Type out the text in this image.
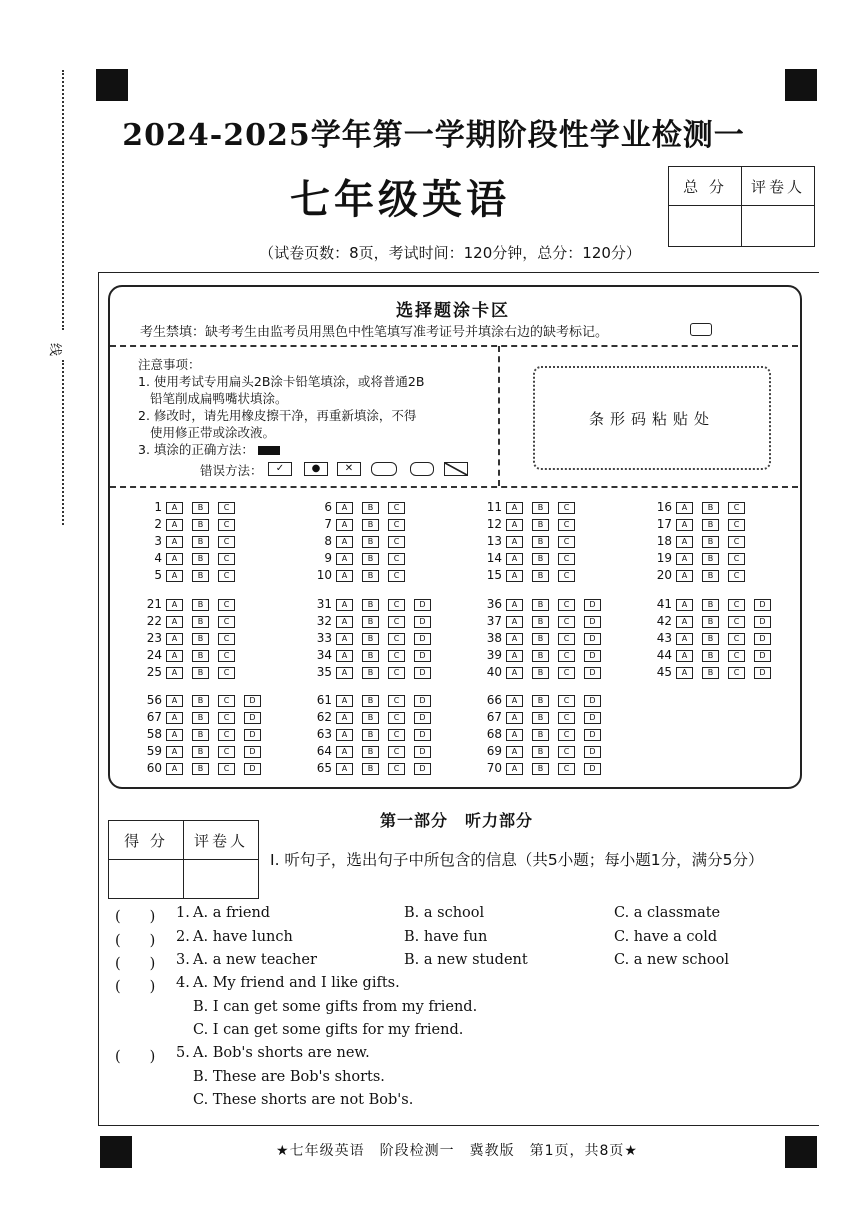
线
2024-2025学年第一学期阶段性学业检测一
七年级英语
（试卷页数：8页，考试时间：120分钟，总分：120分）
总 分	评卷人

选择题涂卡区
考生禁填：缺考考生由监考员用黑色中性笔填写准考证号并填涂右边的缺考标记。
注意事项：
1. 使用考试专用扁头2B涂卡铅笔填涂，或将普通2B
铅笔削成扁鸭嘴状填涂。
2. 修改时，请先用橡皮擦干净，再重新填涂，不得
使用修正带或涂改液。
3. 填涂的正确方法：
错误方法：	✓	●	✕
条形码粘贴处
1 A	B	C
2 A	B	C
3 A	B	C
4 A	B	C
5 A	B	C
6 A	B	C
7 A	B	C
8 A	B	C
9 A	B	C
10 A	B	C
11 A	B	C
12 A	B	C
13 A	B	C
14 A	B	C
15 A	B	C
16 A	B	C
17 A	B	C
18 A	B	C
19 A	B	C
20 A	B	C
21 A	B	C
22 A	B	C
23 A	B	C
24 A	B	C
25 A	B	C
31 A	B	C	D
32 A	B	C	D
33 A	B	C	D
34 A	B	C	D
35 A	B	C	D
36 A	B	C	D
37 A	B	C	D
38 A	B	C	D
39 A	B	C	D
40 A	B	C	D
41 A	B	C	D
42 A	B	C	D
43 A	B	C	D
44 A	B	C	D
45 A	B	C	D
56 A	B	C	D
67 A	B	C	D
58 A	B	C	D
59 A	B	C	D
60 A	B	C	D
61 A	B	C	D
62 A	B	C	D
63 A	B	C	D
64 A	B	C	D
65 A	B	C	D
66 A	B	C	D
67 A	B	C	D
68 A	B	C	D
69 A	B	C	D
70 A	B	C	D
第一部分　听力部分
得 分	评卷人

Ⅰ. 听句子，选出句子中所包含的信息（共5小题；每小题1分，满分5分）
(　　) 1. A. a friend	B. a school	C. a classmate
(　　) 2. A. have lunch	B. have fun	C. have a cold
(　　) 3. A. a new teacher	B. a new student	C. a new school
(　　) 4. A. My friend and I like gifts.
B. I can get some gifts from my friend.
C. I can get some gifts for my friend.
(　　) 5. A. Bob's shorts are new.
B. These are Bob's shorts.
C. These shorts are not Bob's.
★七年级英语　阶段检测一　冀教版　第1页，共8页★
